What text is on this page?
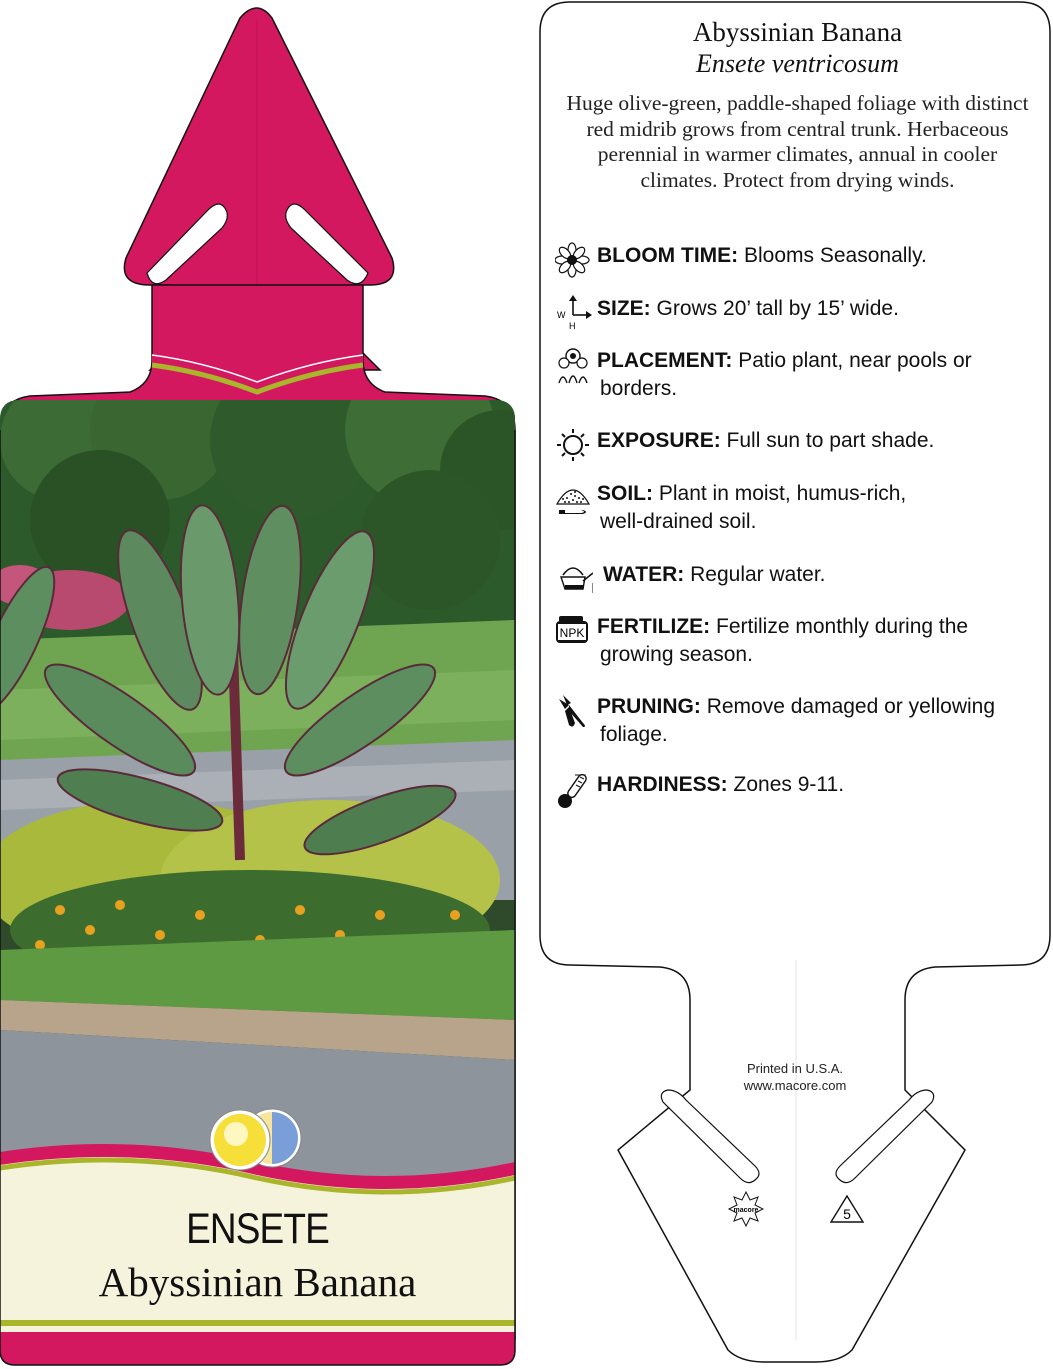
ENSETE
Abyssinian Banana
macore	5
Abyssinian Banana
Ensete ventricosum
Huge olive-green, paddle-shaped foliage with distinct red midrib grows from central trunk. Herbaceous perennial in warmer climates, annual in cooler climates. Protect from drying winds.
BLOOM TIME: Blooms Seasonally.
W
H
SIZE: Grows 20’ tall by 15’ wide.
PLACEMENT: Patio plant, near pools or
borders.
EXPOSURE: Full sun to part shade.
SOIL: Plant in moist, humus-rich,
well-drained soil.
WATER: Regular water.
NPK FERTILIZE: Fertilize monthly during the
growing season.
PRUNING: Remove damaged or yellowing
foliage.
HARDINESS: Zones 9-11.
Printed in U.S.A.
www.macore.com
